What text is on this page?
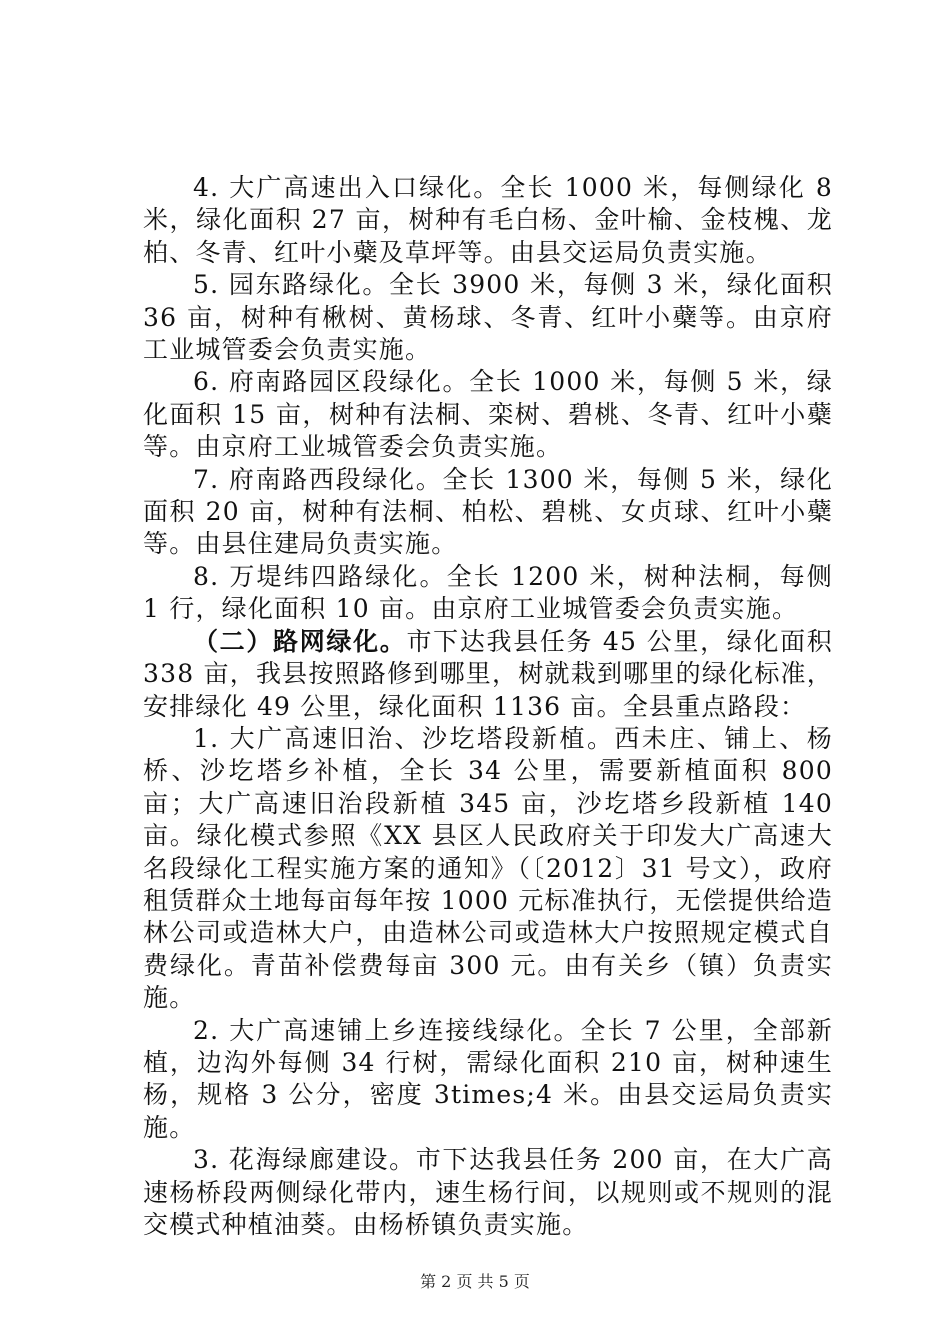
4. 大广高速出入口绿化。全长 1000 米，每侧绿化 8 米，绿化面积 27 亩，树种有毛白杨、金叶榆、金枝槐、龙柏、冬青、红叶小蘗及草坪等。由县交运局负责实施。

5. 园东路绿化。全长 3900 米，每侧 3 米，绿化面积 36 亩，树种有楸树、黄杨球、冬青、红叶小蘗等。由京府工业城管委会负责实施。

6. 府南路园区段绿化。全长 1000 米，每侧 5 米，绿化面积 15 亩，树种有法桐、栾树、碧桃、冬青、红叶小蘗等。由京府工业城管委会负责实施。

7. 府南路西段绿化。全长 1300 米，每侧 5 米，绿化面积 20 亩，树种有法桐、柏松、碧桃、女贞球、红叶小蘗等。由县住建局负责实施。

8. 万堤纬四路绿化。全长 1200 米，树种法桐，每侧 1 行，绿化面积 10 亩。由京府工业城管委会负责实施。

（二）路网绿化。市下达我县任务 45 公里，绿化面积 338 亩，我县按照路修到哪里，树就栽到哪里的绿化标准，安排绿化 49 公里，绿化面积 1136 亩。全县重点路段：

1. 大广高速旧治、沙圪塔段新植。西未庄、铺上、杨桥、沙圪塔乡补植，全长 34 公里，需要新植面积 800 亩；大广高速旧治段新植 345 亩，沙圪塔乡段新植 140 亩。绿化模式参照《XX 县区人民政府关于印发大广高速大名段绿化工程实施方案的通知》（〔2012〕31 号文），政府租赁群众土地每亩每年按 1000 元标准执行，无偿提供给造林公司或造林大户，由造林公司或造林大户按照规定模式自费绿化。青苗补偿费每亩 300 元。由有关乡（镇）负责实施。

2. 大广高速铺上乡连接线绿化。全长 7 公里，全部新植，边沟外每侧 34 行树，需绿化面积 210 亩，树种速生杨，规格 3 公分，密度 3times;4 米。由县交运局负责实施。

3. 花海绿廊建设。市下达我县任务 200 亩，在大广高速杨桥段两侧绿化带内，速生杨行间，以规则或不规则的混交模式种植油葵。由杨桥镇负责实施。

第 2 页 共 5 页
